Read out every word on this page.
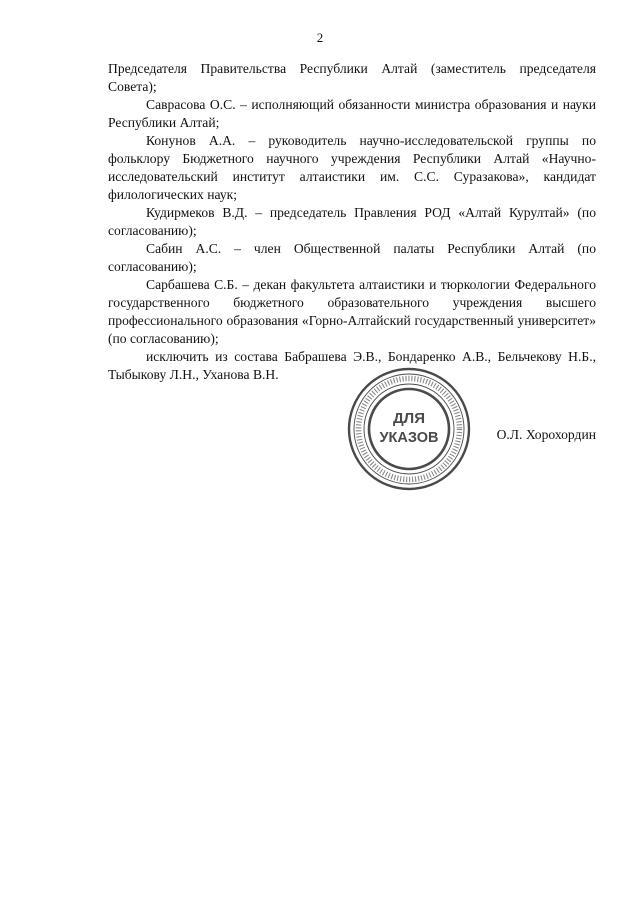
2

Председателя Правительства Республики Алтай (заместитель председателя Совета);

Саврасова О.С. – исполняющий обязанности министра образования и науки Республики Алтай;

Конунов А.А. – руководитель научно-исследовательской группы по фольклору Бюджетного научного учреждения Республики Алтай «Научно-исследовательский институт алтаистики им. С.С. Суразакова», кандидат филологических наук;

Кудирмеков В.Д. – председатель Правления РОД «Алтай Курултай» (по согласованию);

Сабин А.С. – член Общественной палаты Республики Алтай (по согласованию);

Сарбашева С.Б. – декан факультета алтаистики и тюркологии Федерального государственного бюджетного образовательного учреждения высшего профессионального образования «Горно-Алтайский государственный университет» (по согласованию);

исключить из состава Бабрашева Э.В., Бондаренко А.В., Бельчекову Н.Б., Тыбыкову Л.Н., Уханова В.Н.

ДЛЯ
УКАЗОВ	О.Л. Хорохордин
